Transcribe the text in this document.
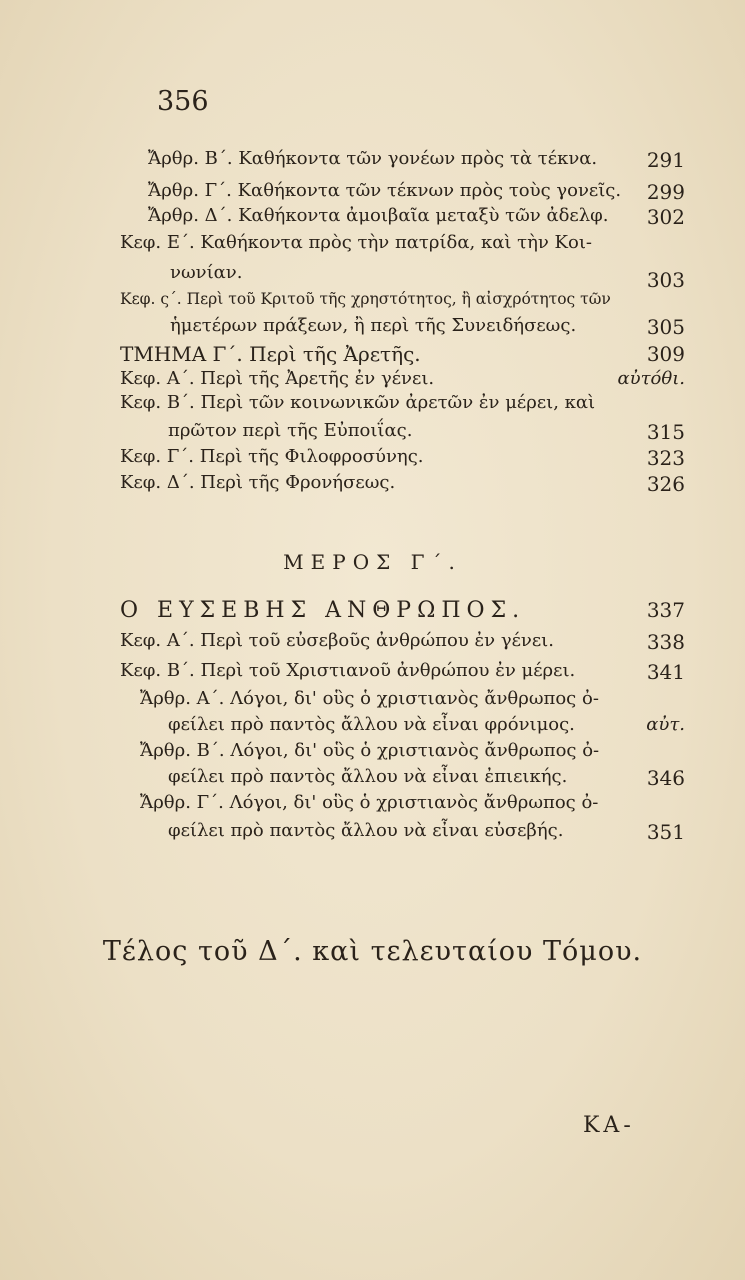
356
Ἄρθρ. Β΄. Καθήκοντα τῶν γονέων πρὸς τὰ τέκνα. 291
Ἄρθρ. Γ΄. Καθήκοντα τῶν τέκνων πρὸς τοὺς γονεῖς. 299
Ἄρθρ. Δ΄. Καθήκοντα ἀμοιβαῖα μεταξὺ τῶν ἀδελφ. 302
Κεφ. Ε΄. Καθήκοντα πρὸς τὴν πατρίδα, καὶ τὴν Κοι-
νωνίαν.	303
Κεφ. ς΄. Περὶ τοῦ Κριτοῦ τῆς χρηστότητος, ἢ αἰσχρότητος τῶν
ἡμετέρων πράξεων, ἢ περὶ τῆς Συνειδήσεως.	305
ΤΜΗΜΑ Γ΄. Περὶ τῆς Ἀρετῆς.	309
Κεφ. Α΄. Περὶ τῆς Ἀρετῆς ἐν γένει.	αὐτόθι.
Κεφ. Β΄. Περὶ τῶν κοινωνικῶν ἀρετῶν ἐν μέρει, καὶ
πρῶτον περὶ τῆς Εὐποιΐας.	315
Κεφ. Γ΄. Περὶ τῆς Φιλοφροσύνης.	323
Κεφ. Δ΄. Περὶ τῆς Φρονήσεως.	326
ΜΕΡΟΣ Γ΄.
Ο ΕΥΣΕΒΗΣ ΑΝΘΡΩΠΟΣ.	337
Κεφ. Α΄. Περὶ τοῦ εὐσεβοῦς ἀνθρώπου ἐν γένει.	338
Κεφ. Β΄. Περὶ τοῦ Χριστιανοῦ ἀνθρώπου ἐν μέρει.	341
Ἄρθρ. Α΄. Λόγοι, δι' οὓς ὁ χριστιανὸς ἄνθρωπος ὀ-
φείλει πρὸ παντὸς ἄλλου νὰ εἶναι φρόνιμος.	αὐτ.
Ἄρθρ. Β΄. Λόγοι, δι' οὓς ὁ χριστιανὸς ἄνθρωπος ὀ-
φείλει πρὸ παντὸς ἄλλου νὰ εἶναι ἐπιεικής.	346
Ἄρθρ. Γ΄. Λόγοι, δι' οὓς ὁ χριστιανὸς ἄνθρωπος ὀ-
φείλει πρὸ παντὸς ἄλλου νὰ εἶναι εὐσεβής.	351
Τέλος τοῦ Δ΄. καὶ τελευταίου Τόμου.
ΚΑ-
